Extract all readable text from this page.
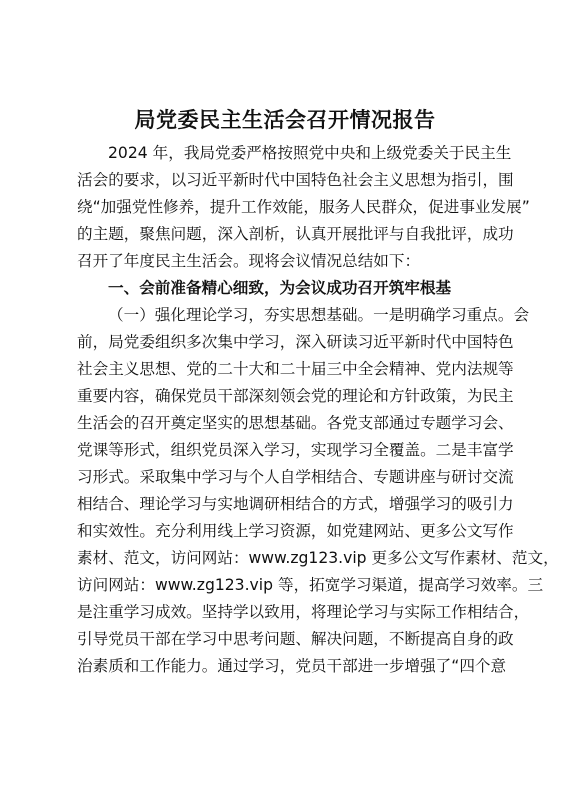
局党委民主生活会召开情况报告
2024 年，我局党委严格按照党中央和上级党委关于民主生
活会的要求，以习近平新时代中国特色社会主义思想为指引，围
绕“加强党性修养，提升工作效能，服务人民群众，促进事业发展”
的主题，聚焦问题，深入剖析，认真开展批评与自我批评，成功
召开了年度民主生活会。现将会议情况总结如下：
一、会前准备精心细致，为会议成功召开筑牢根基
（一）强化理论学习，夯实思想基础。一是明确学习重点。会
前，局党委组织多次集中学习，深入研读习近平新时代中国特色
社会主义思想、党的二十大和二十届三中全会精神、党内法规等
重要内容，确保党员干部深刻领会党的理论和方针政策，为民主
生活会的召开奠定坚实的思想基础。各党支部通过专题学习会、
党课等形式，组织党员深入学习，实现学习全覆盖。二是丰富学
习形式。采取集中学习与个人自学相结合、专题讲座与研讨交流
相结合、理论学习与实地调研相结合的方式，增强学习的吸引力
和实效性。充分利用线上学习资源，如党建网站、更多公文写作
素材、范文，访问网站：www.zg123.vip 更多公文写作素材、范文，
访问网站：www.zg123.vip 等，拓宽学习渠道，提高学习效率。三
是注重学习成效。坚持学以致用，将理论学习与实际工作相结合，
引导党员干部在学习中思考问题、解决问题，不断提高自身的政
治素质和工作能力。通过学习，党员干部进一步增强了“四个意
